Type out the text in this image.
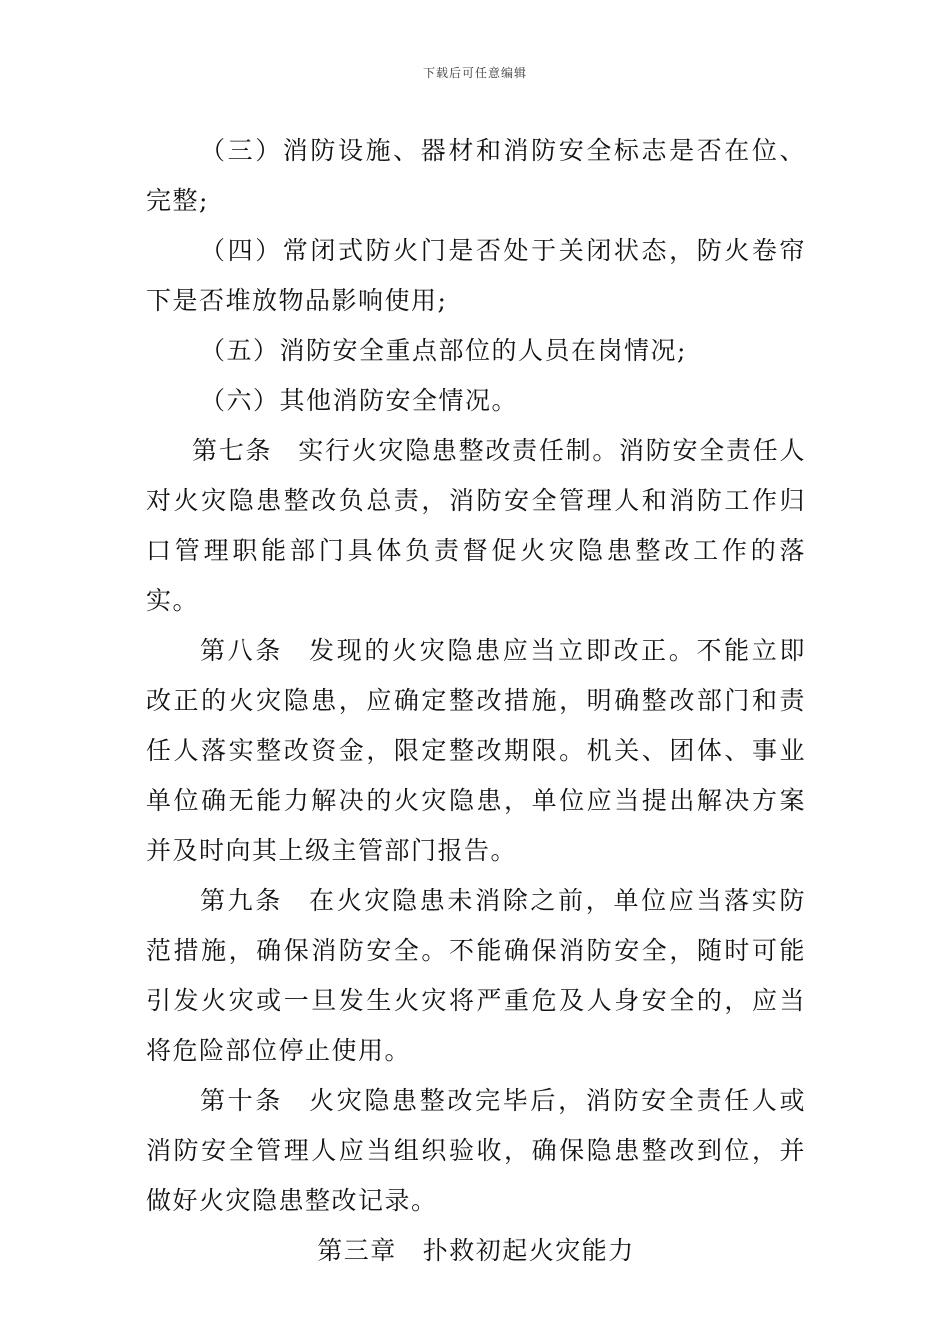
下载后可任意编辑

（三）消防设施、器材和消防安全标志是否在位、完整;

（四）常闭式防火门是否处于关闭状态，防火卷帘下是否堆放物品影响使用;

（五）消防安全重点部位的人员在岗情况;

（六）其他消防安全情况。

第七条 实行火灾隐患整改责任制。消防安全责任人对火灾隐患整改负总责，消防安全管理人和消防工作归口管理职能部门具体负责督促火灾隐患整改工作的落实。

第八条 发现的火灾隐患应当立即改正。不能立即改正的火灾隐患，应确定整改措施，明确整改部门和责任人落实整改资金，限定整改期限。机关、团体、事业单位确无能力解决的火灾隐患，单位应当提出解决方案并及时向其上级主管部门报告。

第九条 在火灾隐患未消除之前，单位应当落实防范措施，确保消防安全。不能确保消防安全，随时可能引发火灾或一旦发生火灾将严重危及人身安全的，应当将危险部位停止使用。

第十条 火灾隐患整改完毕后，消防安全责任人或消防安全管理人应当组织验收，确保隐患整改到位，并做好火灾隐患整改记录。

第三章 扑救初起火灾能力
